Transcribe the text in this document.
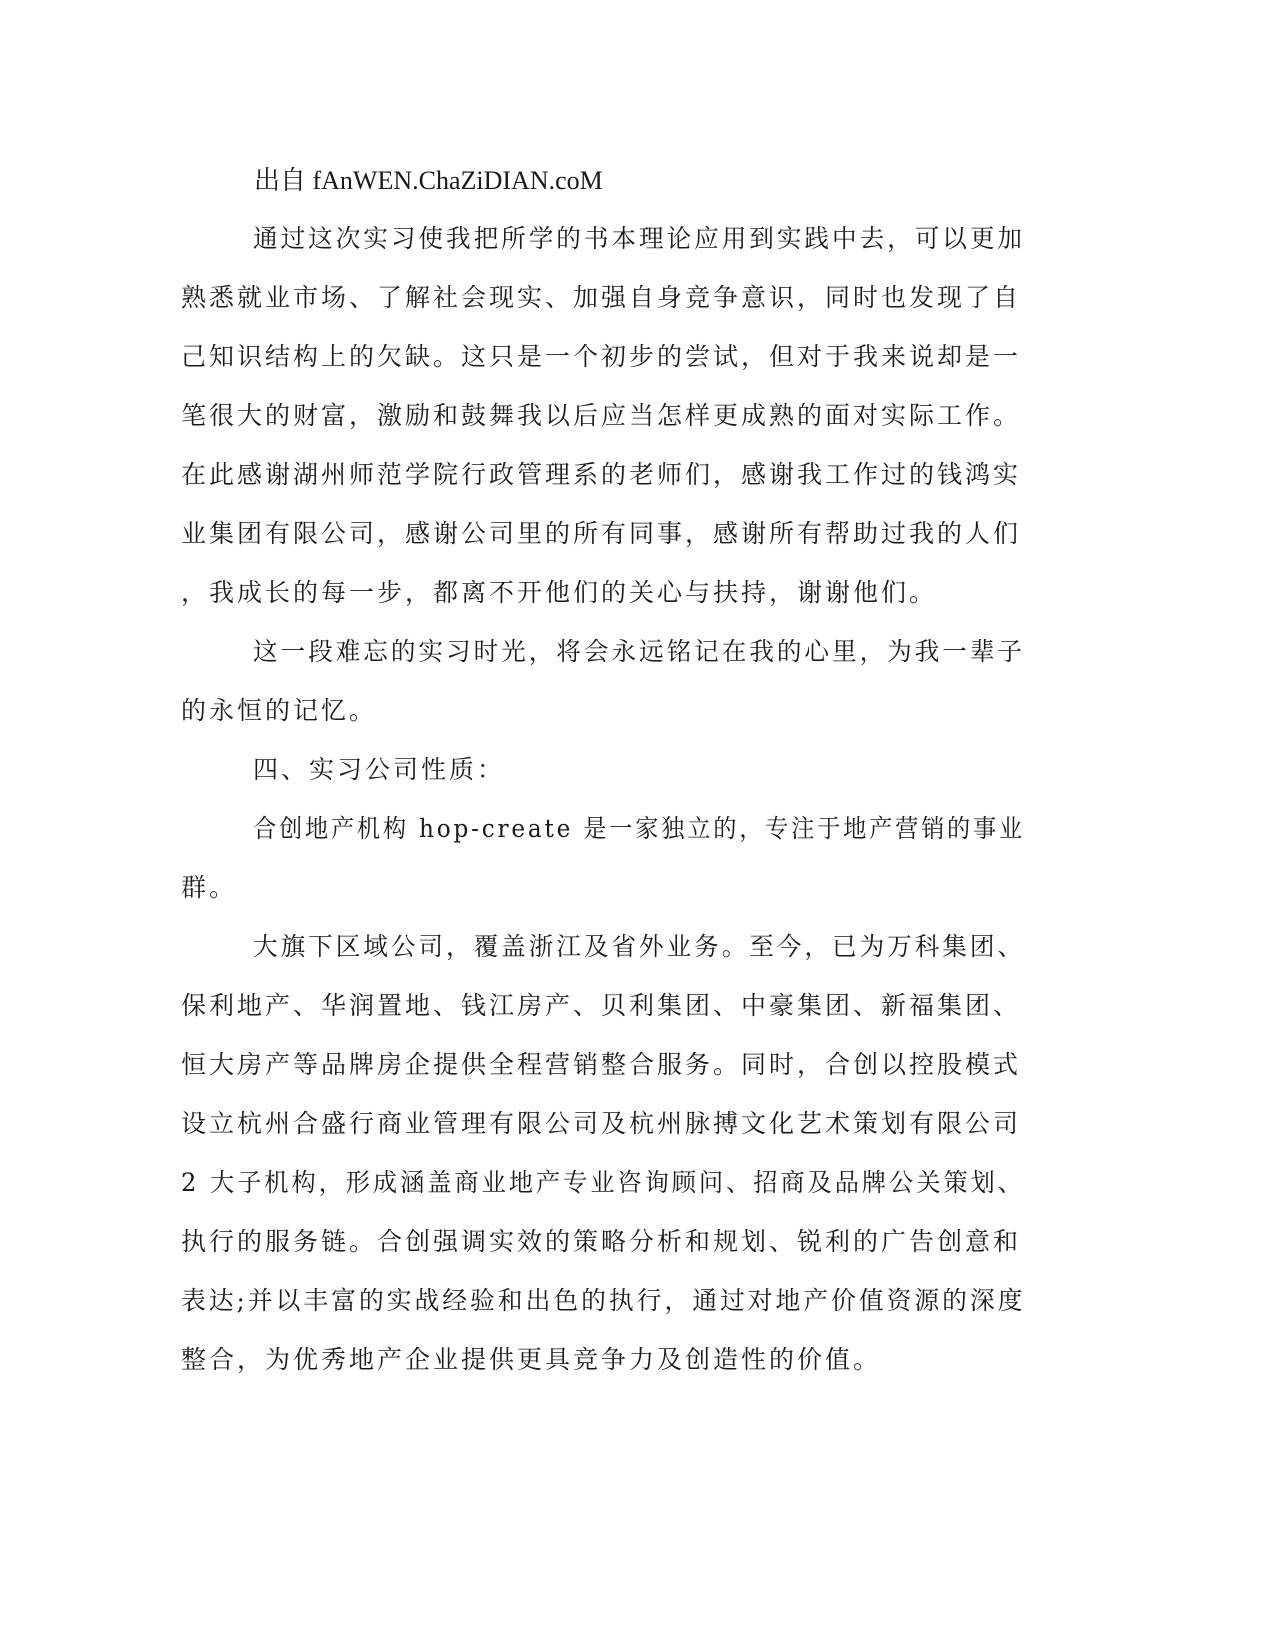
出自 fAnWEN.ChaZiDIAN.coM
通过这次实习使我把所学的书本理论应用到实践中去，可以更加
熟悉就业市场、了解社会现实、加强自身竞争意识，同时也发现了自
己知识结构上的欠缺。这只是一个初步的尝试，但对于我来说却是一
笔很大的财富，激励和鼓舞我以后应当怎样更成熟的面对实际工作。
在此感谢湖州师范学院行政管理系的老师们，感谢我工作过的钱鸿实
业集团有限公司，感谢公司里的所有同事，感谢所有帮助过我的人们
，我成长的每一步，都离不开他们的关心与扶持，谢谢他们。
这一段难忘的实习时光，将会永远铭记在我的心里，为我一辈子
的永恒的记忆。
四、实习公司性质：
合创地产机构 hop-create 是一家独立的，专注于地产营销的事业
群。
大旗下区域公司，覆盖浙江及省外业务。至今，已为万科集团、
保利地产、华润置地、钱江房产、贝利集团、中豪集团、新福集团、
恒大房产等品牌房企提供全程营销整合服务。同时，合创以控股模式
设立杭州合盛行商业管理有限公司及杭州脉搏文化艺术策划有限公司
2 大子机构，形成涵盖商业地产专业咨询顾问、招商及品牌公关策划、
执行的服务链。合创强调实效的策略分析和规划、锐利的广告创意和
表达;并以丰富的实战经验和出色的执行，通过对地产价值资源的深度
整合，为优秀地产企业提供更具竞争力及创造性的价值。
